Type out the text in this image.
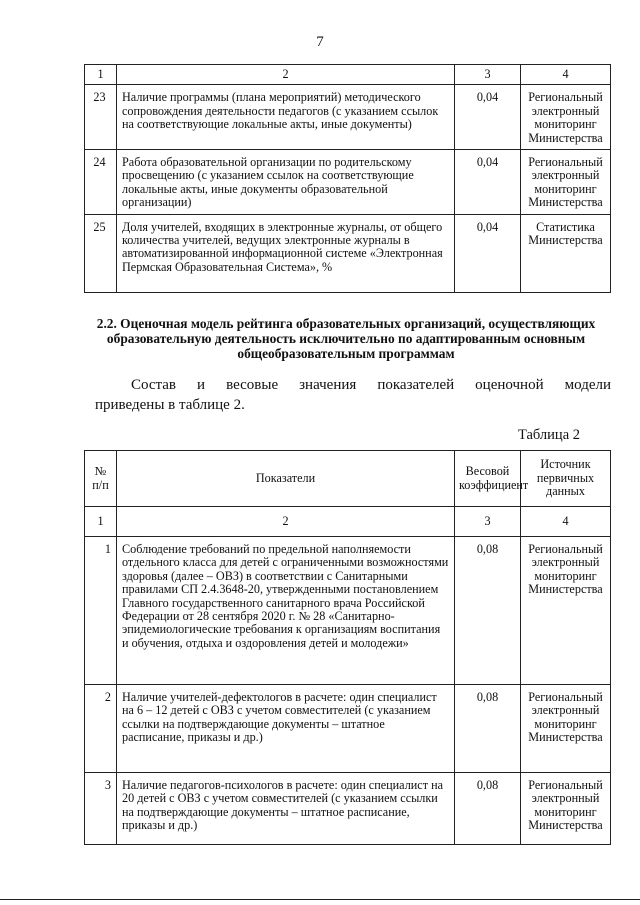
7
1	2	3	4
23	Наличие программы (плана мероприятий) методического сопровождения деятельности педагогов (с указанием ссылок на соответствующие локальные акты, иные документы)	0,04	Региональный электронный мониторинг Министерства
24	Работа образовательной организации по родительскому просвещению (с указанием ссылок на соответствующие локальные акты, иные документы образовательной организации)	0,04	Региональный электронный мониторинг Министерства
25	Доля учителей, входящих в электронные журналы, от общего количества учителей, ведущих электронные журналы в автоматизированной информационной системе «Электронная Пермская Образовательная Система», %	0,04	Статистика Министерства
2.2. Оценочная модель рейтинга образовательных организаций, осуществляющих образовательную деятельность исключительно по адаптированным основным общеобразовательным программам
Состав и весовые значения показателей оценочной модели
приведены в таблице 2.
Таблица 2
№ п/п	Показатели	Весовой коэффициент	Источник первичных данных
1	2	3	4
1	Соблюдение требований по предельной наполняемости отдельного класса для детей с ограниченными возможностями здоровья (далее – ОВЗ) в соответствии с Санитарными правилами СП 2.4.3648-20, утвержденными постановлением Главного государственного санитарного врача Российской Федерации от 28 сентября 2020 г. № 28 «Санитарно-эпидемиологические требования к организациям воспитания и обучения, отдыха и оздоровления детей и молодежи»	0,08	Региональный электронный мониторинг Министерства
2	Наличие учителей-дефектологов в расчете: один специалист на 6 – 12 детей с ОВЗ с учетом совместителей (с указанием ссылки на подтверждающие документы – штатное расписание, приказы и др.)	0,08	Региональный электронный мониторинг Министерства
3	Наличие педагогов-психологов в расчете: один специалист на 20 детей с ОВЗ с учетом совместителей (с указанием ссылки на подтверждающие документы – штатное расписание, приказы и др.)	0,08	Региональный электронный мониторинг Министерства
